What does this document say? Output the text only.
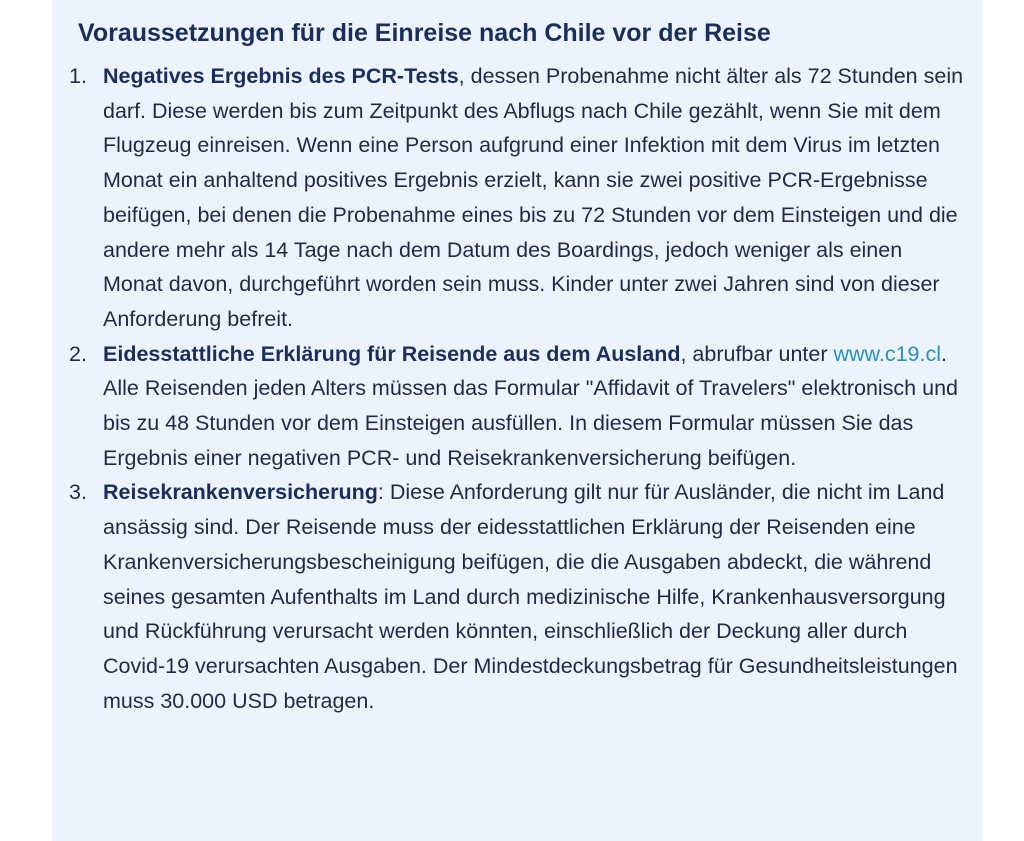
Voraussetzungen für die Einreise nach Chile vor der Reise
1. Negatives Ergebnis des PCR-Tests, dessen Probenahme nicht älter als 72 Stunden sein darf. Diese werden bis zum Zeitpunkt des Abflugs nach Chile gezählt, wenn Sie mit dem Flugzeug einreisen. Wenn eine Person aufgrund einer Infektion mit dem Virus im letzten Monat ein anhaltend positives Ergebnis erzielt, kann sie zwei positive PCR-Ergebnisse beifügen, bei denen die Probenahme eines bis zu 72 Stunden vor dem Einsteigen und die andere mehr als 14 Tage nach dem Datum des Boardings, jedoch weniger als einen Monat davon, durchgeführt worden sein muss. Kinder unter zwei Jahren sind von dieser Anforderung befreit.
2. Eidesstattliche Erklärung für Reisende aus dem Ausland, abrufbar unter www.c19.cl. Alle Reisenden jeden Alters müssen das Formular "Affidavit of Travelers" elektronisch und bis zu 48 Stunden vor dem Einsteigen ausfüllen. In diesem Formular müssen Sie das Ergebnis einer negativen PCR- und Reisekrankenversicherung beifügen.
3. Reisekrankenversicherung: Diese Anforderung gilt nur für Ausländer, die nicht im Land ansässig sind. Der Reisende muss der eidesstattlichen Erklärung der Reisenden eine Krankenversicherungsbescheinigung beifügen, die die Ausgaben abdeckt, die während seines gesamten Aufenthalts im Land durch medizinische Hilfe, Krankenhausversorgung und Rückführung verursacht werden könnten, einschließlich der Deckung aller durch Covid-19 verursachten Ausgaben. Der Mindestdeckungsbetrag für Gesundheitsleistungen muss 30.000 USD betragen.
